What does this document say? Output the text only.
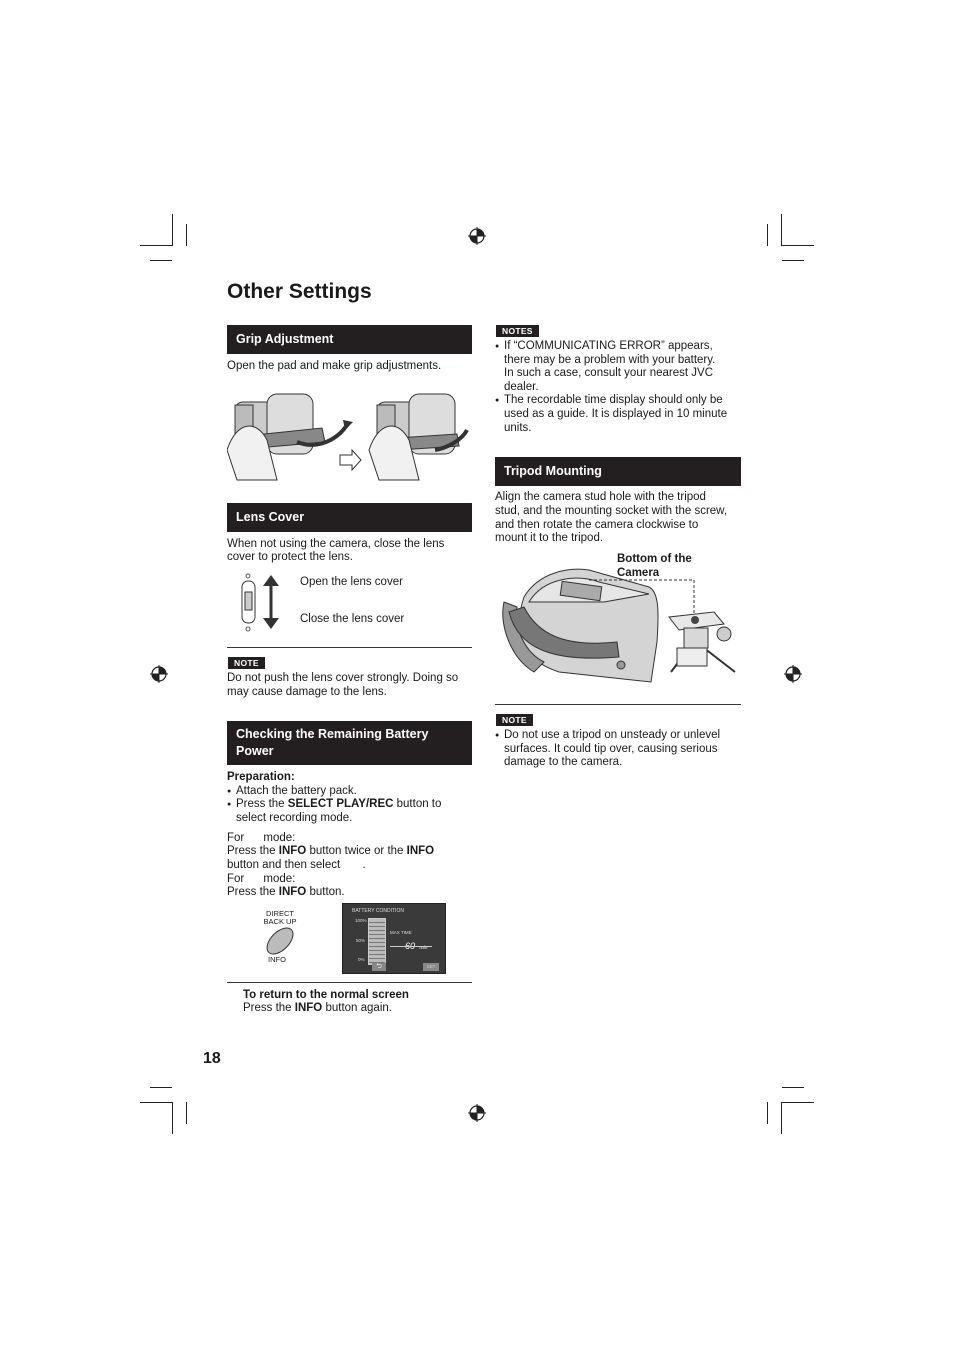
Other Settings
Grip Adjustment
Open the pad and make grip adjustments.
Lens Cover
When not using the camera, close the lens
cover to protect the lens.
Open the lens cover
Close the lens cover
NOTE
Do not push the lens cover strongly. Doing so
may cause damage to the lens.
Checking the Remaining Battery
Power
Preparation:
● Attach the battery pack.
● Press the SELECT PLAY/REC button to
select recording mode.
For      mode:
Press the INFO button twice or the INFO
button and then select       .
For      mode:
Press the INFO button.
DIRECT
BACK UP
INFO
BATTERY CONDITION
100%
50%
0%
MAX TIME
60 min
⮌	SET
To return to the normal screen
Press the INFO button again.
18
NOTES
● If “COMMUNICATING ERROR” appears,
there may be a problem with your battery.
In such a case, consult your nearest JVC
dealer.
● The recordable time display should only be
used as a guide. It is displayed in 10 minute
units.
Tripod Mounting
Align the camera stud hole with the tripod
stud, and the mounting socket with the screw,
and then rotate the camera clockwise to
mount it to the tripod.
Bottom of the
Camera
NOTE
● Do not use a tripod on unsteady or unlevel
surfaces. It could tip over, causing serious
damage to the camera.
